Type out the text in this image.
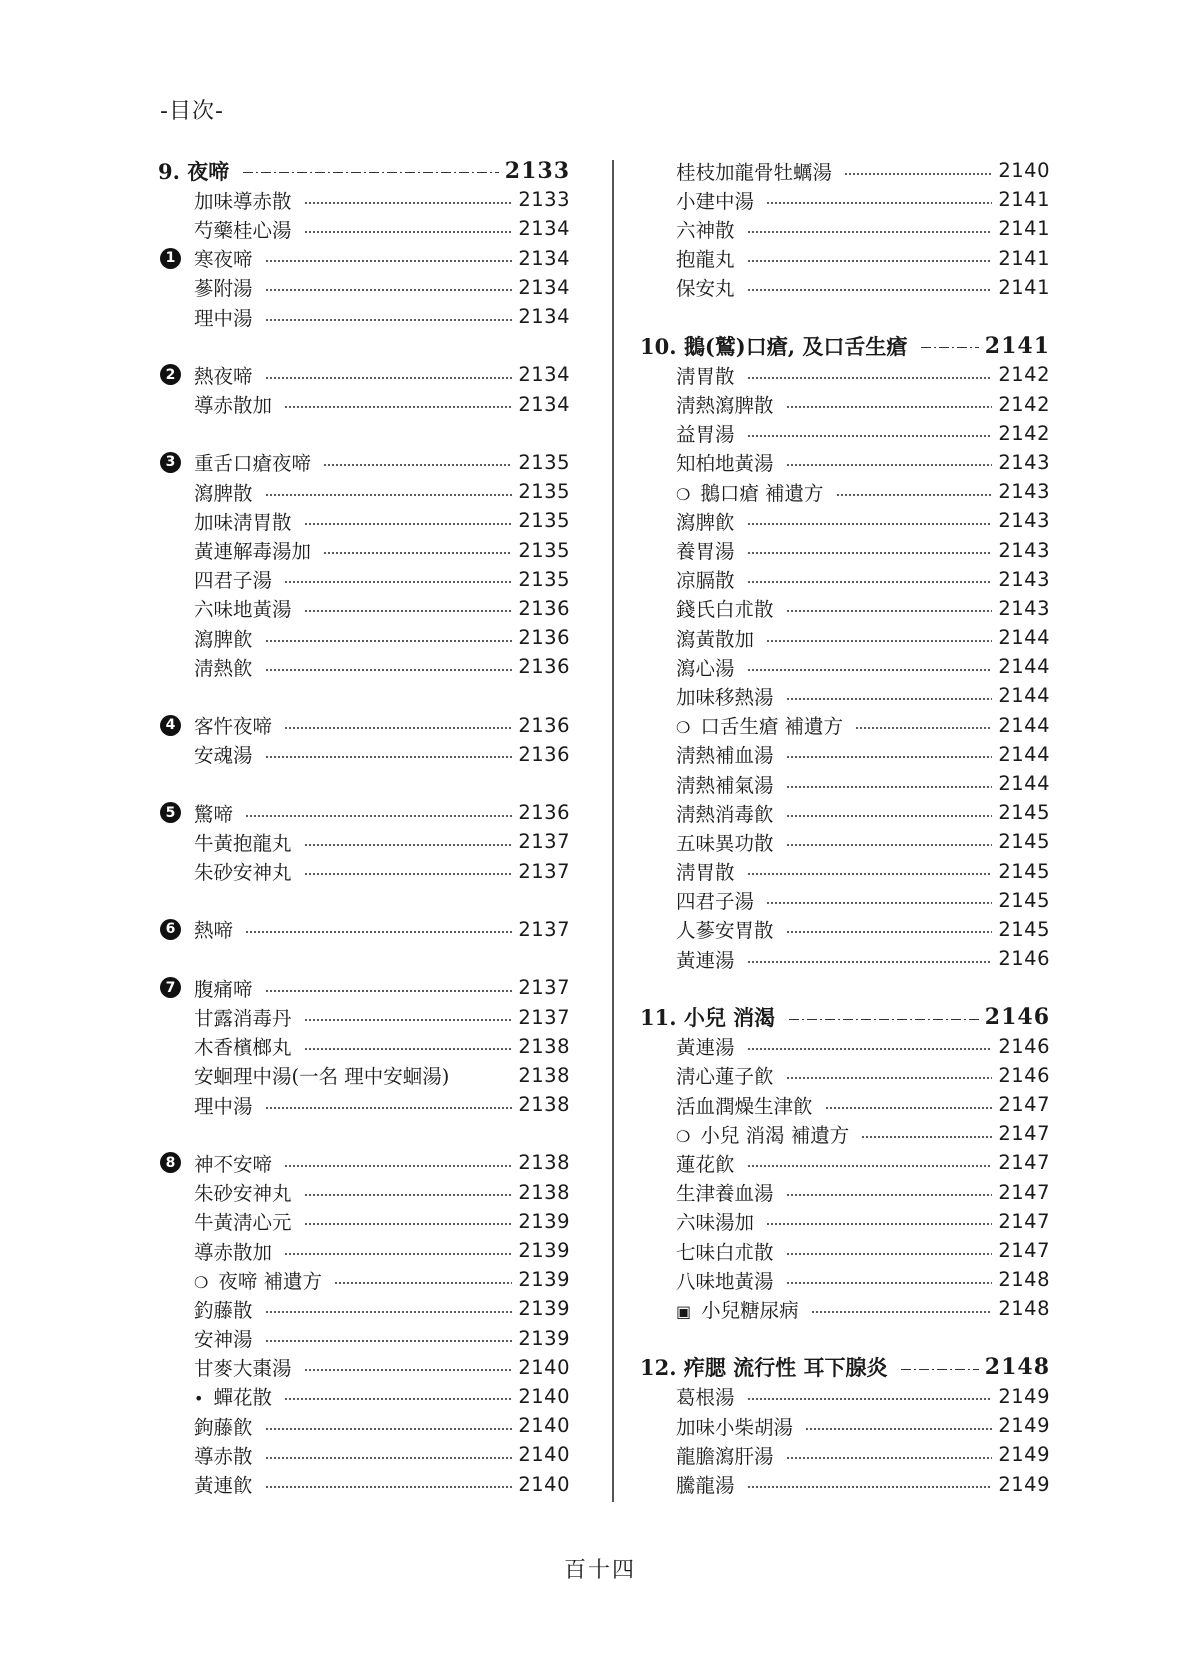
-目次-
9. 夜啼	2133
加味導赤散	2133
芍藥桂心湯	2134
1 寒夜啼	2134
蔘附湯	2134
理中湯	2134
2 熱夜啼	2134
導赤散加	2134
3 重舌口瘡夜啼	2135
瀉脾散	2135
加味淸胃散	2135
黃連解毒湯加	2135
四君子湯	2135
六味地黃湯	2136
瀉脾飮	2136
淸熱飮	2136
4 客忤夜啼	2136
安魂湯	2136
5 驚啼	2136
牛黃抱龍丸	2137
朱砂安神丸	2137
6 熱啼	2137
7 腹痛啼	2137
甘露消毒丹	2137
木香檳榔丸	2138
安蛔理中湯(一名 理中安蛔湯)	2138
理中湯	2138
8 神不安啼	2138
朱砂安神丸	2138
牛黃淸心元	2139
導赤散加	2139
❍ 夜啼 補遺方	2139
釣藤散	2139
安神湯	2139
甘麥大棗湯	2140
• 蟬花散	2140
鉤藤飮	2140
導赤散	2140
黃連飮	2140
桂枝加龍骨牡蠣湯	2140
小建中湯	2141
六神散	2141
抱龍丸	2141
保安丸	2141
10. 鵝(鷲)口瘡, 及口舌生瘡	2141
淸胃散	2142
淸熱瀉脾散	2142
益胃湯	2142
知柏地黃湯	2143
❍ 鵝口瘡 補遺方	2143
瀉脾飮	2143
養胃湯	2143
凉膈散	2143
錢氏白朮散	2143
瀉黃散加	2144
瀉心湯	2144
加味移熱湯	2144
❍ 口舌生瘡 補遺方	2144
淸熱補血湯	2144
淸熱補氣湯	2144
淸熱消毒飮	2145
五味異功散	2145
淸胃散	2145
四君子湯	2145
人蔘安胃散	2145
黃連湯	2146
11. 小兒 消渴	2146
黃連湯	2146
淸心蓮子飮	2146
活血潤燥生津飮	2147
❍ 小兒 消渴 補遺方	2147
蓮花飮	2147
生津養血湯	2147
六味湯加	2147
七味白朮散	2147
八味地黃湯	2148
▣ 小兒糖尿病	2148
12. 痄腮 流行性 耳下腺炎	2148
葛根湯	2149
加味小柴胡湯	2149
龍膽瀉肝湯	2149
騰龍湯	2149
百十四
